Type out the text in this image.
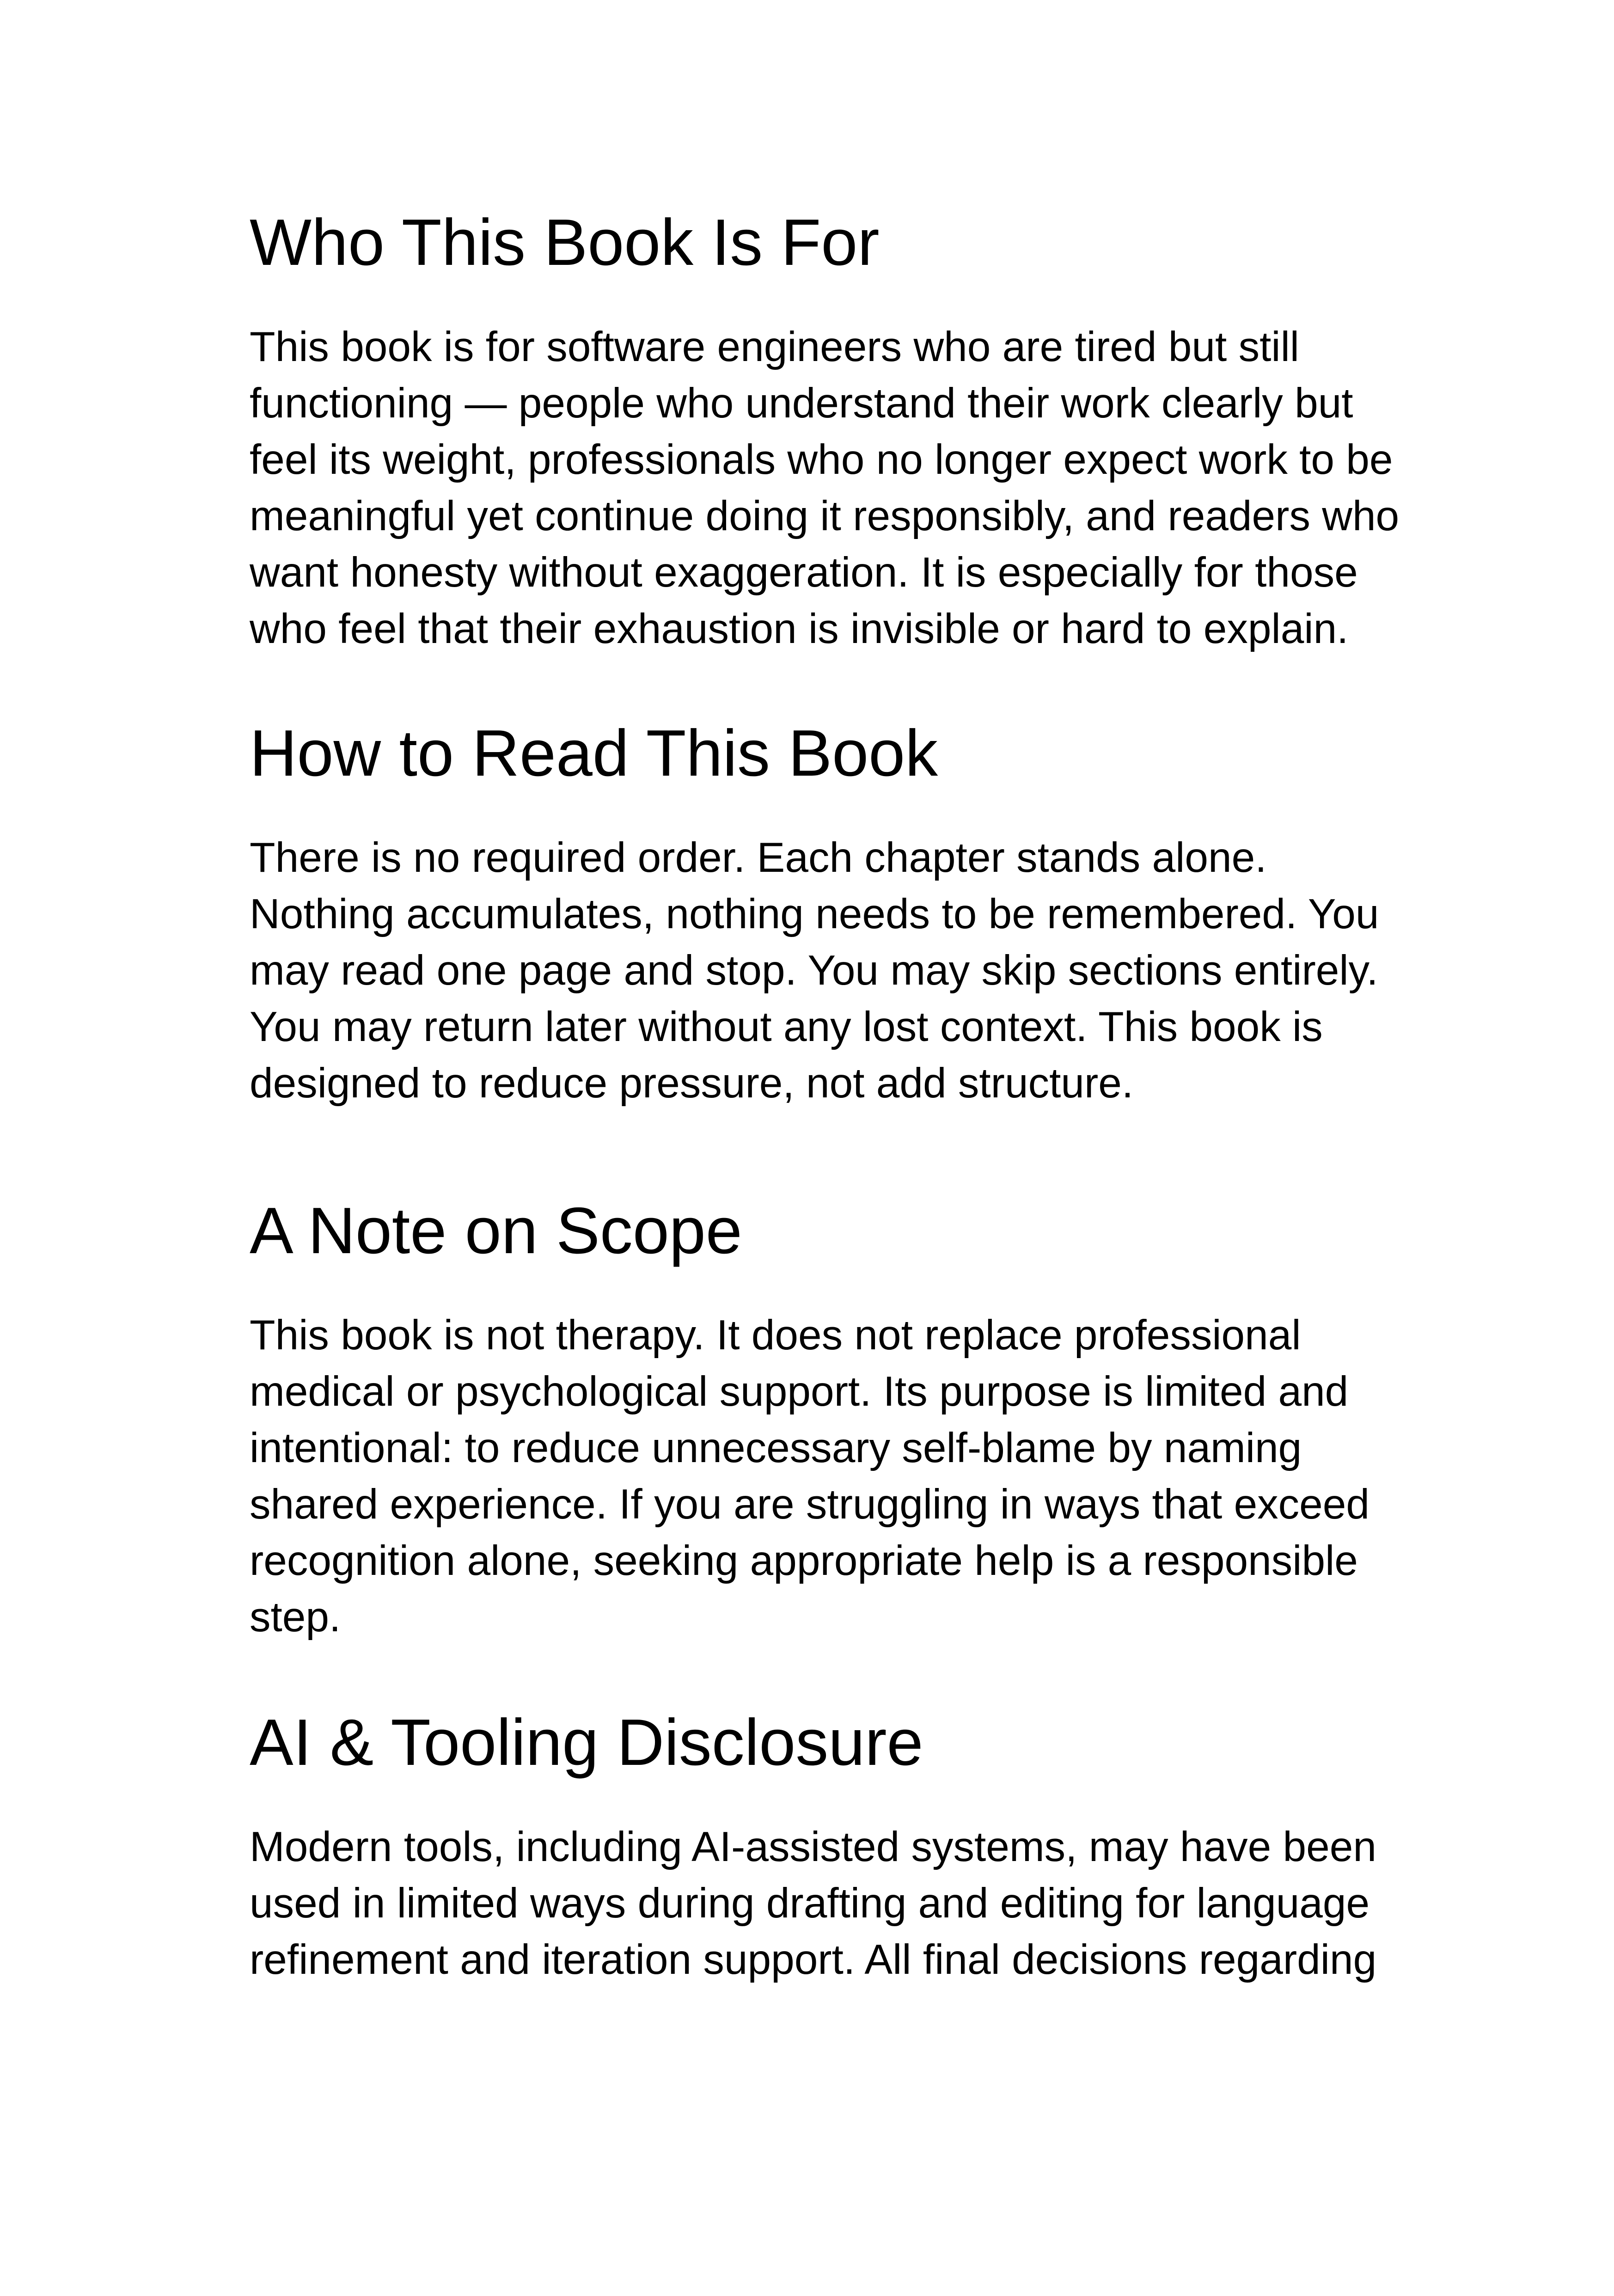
Who This Book Is For

This book is for software engineers who are tired but still
functioning — people who understand their work clearly but
feel its weight, professionals who no longer expect work to be
meaningful yet continue doing it responsibly, and readers who
want honesty without exaggeration. It is especially for those
who feel that their exhaustion is invisible or hard to explain.

How to Read This Book

There is no required order. Each chapter stands alone.
Nothing accumulates, nothing needs to be remembered. You
may read one page and stop. You may skip sections entirely.
You may return later without any lost context. This book is
designed to reduce pressure, not add structure.

A Note on Scope

This book is not therapy. It does not replace professional
medical or psychological support. Its purpose is limited and
intentional: to reduce unnecessary self-blame by naming
shared experience. If you are struggling in ways that exceed
recognition alone, seeking appropriate help is a responsible
step.

AI & Tooling Disclosure

Modern tools, including AI-assisted systems, may have been
used in limited ways during drafting and editing for language
refinement and iteration support. All final decisions regarding
